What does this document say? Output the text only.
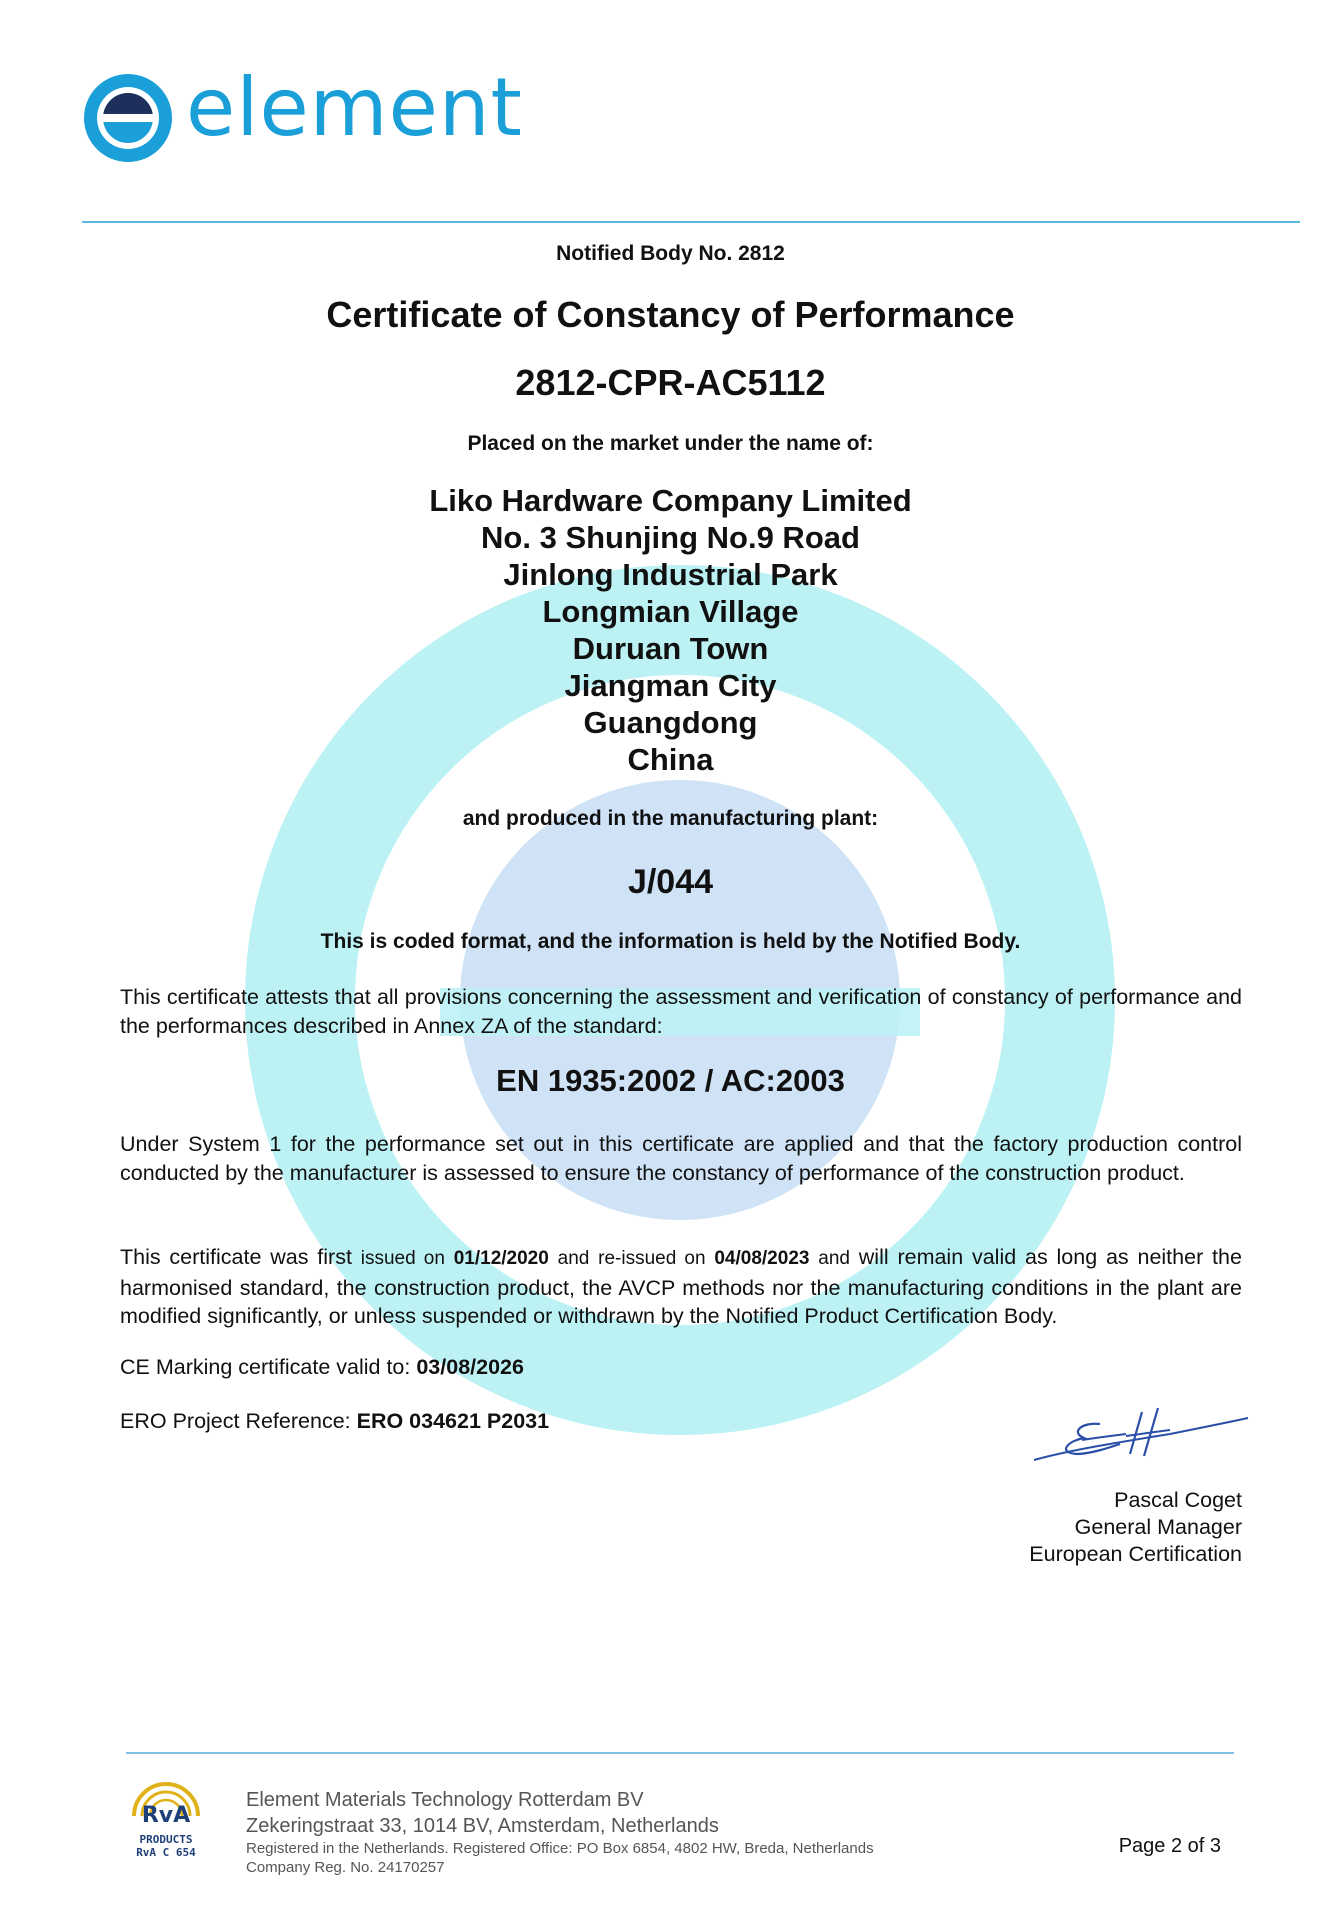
element
Notified Body No. 2812
Certificate of Constancy of Performance
2812-CPR-AC5112
Placed on the market under the name of:
Liko Hardware Company Limited
No. 3 Shunjing No.9 Road
Jinlong Industrial Park
Longmian Village
Duruan Town
Jiangman City
Guangdong
China
and produced in the manufacturing plant:
J/044
This is coded format, and the information is held by the Notified Body.
This certificate attests that all provisions concerning the assessment and verification of constancy of performance and the performances described in Annex ZA of the standard:
EN 1935:2002 / AC:2003
Under System 1 for the performance set out in this certificate are applied and that the factory production control conducted by the manufacturer is assessed to ensure the constancy of performance of the construction product.
This certificate was first issued on 01/12/2020 and re-issued on 04/08/2023 and will remain valid as long as neither the harmonised standard, the construction product, the AVCP methods nor the manufacturing conditions in the plant are modified significantly, or unless suspended or withdrawn by the Notified Product Certification Body.
CE Marking certificate valid to: 03/08/2026
ERO Project Reference: ERO 034621 P2031
Pascal Coget
General Manager
European Certification
RvA
PRODUCTS
RvA C 654
Element Materials Technology Rotterdam BV
Zekeringstraat 33, 1014 BV, Amsterdam, Netherlands
Registered in the Netherlands. Registered Office: PO Box 6854, 4802 HW, Breda, Netherlands
Company Reg. No. 24170257
Page 2 of 3
